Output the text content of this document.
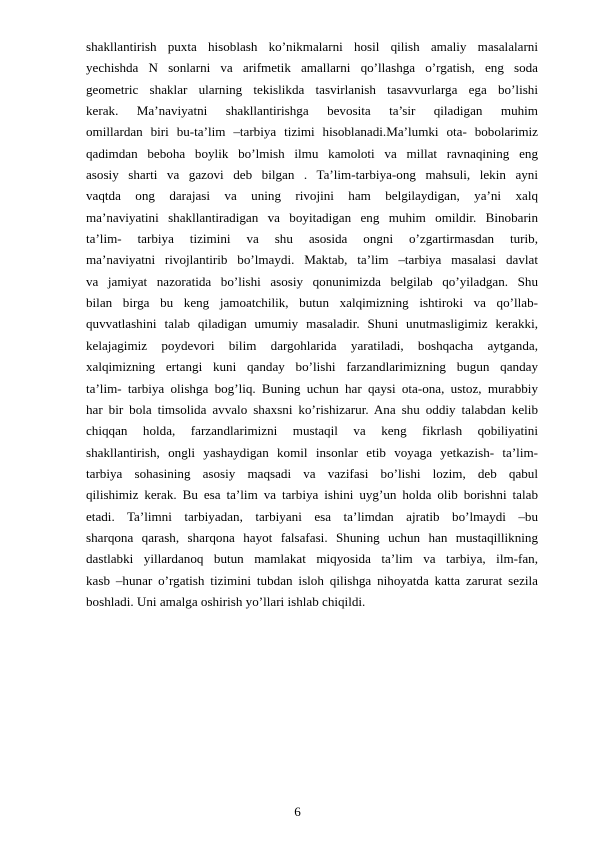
shakllantirish puxta hisoblash ko’nikmalarni hosil qilish amaliy masalalarni
yechishda N sonlarni va arifmetik amallarni qo’llashga o’rgatish, eng soda
geometric shaklar ularning tekislikda tasvirlanish tasavvurlarga ega bo’lishi
kerak. Ma’naviyatni shakllantirishga bevosita ta’sir qiladigan muhim
omillardan biri bu-ta’lim –tarbiya tizimi hisoblanadi.Ma’lumki ota- bobolarimiz
qadimdan beboha boylik bo’lmish ilmu kamoloti va millat ravnaqining eng
asosiy sharti va gazovi deb bilgan . Ta’lim-tarbiya-ong mahsuli, lekin ayni
vaqtda ong darajasi va uning rivojini ham belgilaydigan, ya’ni xalq
ma’naviyatini shakllantiradigan va boyitadigan eng muhim omildir. Binobarin
ta’lim- tarbiya tizimini va shu asosida ongni o’zgartirmasdan turib,
ma’naviyatni rivojlantirib bo’lmaydi. Maktab, ta’lim –tarbiya masalasi davlat
va jamiyat nazoratida bo’lishi asosiy qonunimizda belgilab qo’yiladgan. Shu
bilan birga bu keng jamoatchilik, butun xalqimizning ishtiroki va qo’llab-
quvvatlashini talab qiladigan umumiy masaladir. Shuni unutmasligimiz kerakki,
kelajagimiz poydevori bilim dargohlarida yaratiladi, boshqacha aytganda,
xalqimizning ertangi kuni qanday bo’lishi farzandlarimizning bugun qanday
ta’lim- tarbiya olishga bog’liq. Buning uchun har qaysi ota-ona, ustoz, murabbiy
har bir bola timsolida avvalo shaxsni ko’rishizarur. Ana shu oddiy talabdan kelib
chiqqan holda, farzandlarimizni mustaqil va keng fikrlash qobiliyatini
shakllantirish, ongli yashaydigan komil insonlar etib voyaga yetkazish- ta’lim-
tarbiya sohasining asosiy maqsadi va vazifasi bo’lishi lozim, deb qabul
qilishimiz kerak. Bu esa ta’lim va tarbiya ishini uyg’un holda olib borishni talab
etadi. Ta’limni tarbiyadan, tarbiyani esa ta’limdan ajratib bo’lmaydi –bu
sharqona qarash, sharqona hayot falsafasi. Shuning uchun han mustaqillikning
dastlabki yillardanoq butun mamlakat miqyosida ta’lim va tarbiya, ilm-fan,
kasb –hunar o’rgatish tizimini tubdan isloh qilishga nihoyatda katta zarurat sezila
boshladi. Uni amalga oshirish yo’llari ishlab chiqildi.
6
